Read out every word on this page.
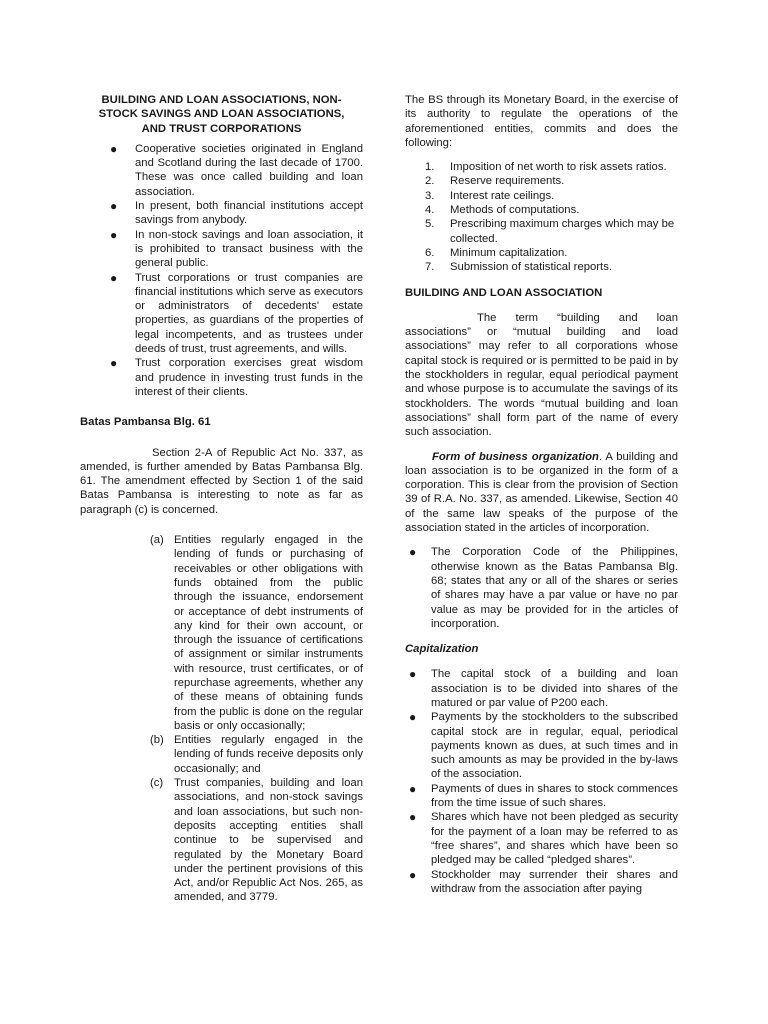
BUILDING AND LOAN ASSOCIATIONS, NON-STOCK SAVINGS AND LOAN ASSOCIATIONS, AND TRUST CORPORATIONS
● Cooperative societies originated in England and Scotland during the last decade of 1700. These was once called building and loan association.
● In present, both financial institutions accept savings from anybody.
● In non-stock savings and loan association, it is prohibited to transact business with the general public.
● Trust corporations or trust companies are financial institutions which serve as executors or administrators of decedents' estate properties, as guardians of the properties of legal incompetents, and as trustees under deeds of trust, trust agreements, and wills.
● Trust corporation exercises great wisdom and prudence in investing trust funds in the interest of their clients.
Batas Pambansa Blg. 61

Section 2-A of Republic Act No. 337, as amended, is further amended by Batas Pambansa Blg. 61. The amendment effected by Section 1 of the said Batas Pambansa is interesting to note as far as paragraph (c) is concerned.

(a) Entities regularly engaged in the lending of funds or purchasing of receivables or other obligations with funds obtained from the public through the issuance, endorsement or acceptance of debt instruments of any kind for their own account, or through the issuance of certifications of assignment or similar instruments with resource, trust certificates, or of repurchase agreements, whether any of these means of obtaining funds from the public is done on the regular basis or only occasionally;
(b) Entities regularly engaged in the lending of funds receive deposits only occasionally; and
(c) Trust companies, building and loan associations, and non-stock savings and loan associations, but such non-deposits accepting entities shall continue to be supervised and regulated by the Monetary Board under the pertinent provisions of this Act, and/or Republic Act Nos. 265, as amended, and 3779.

The BS through its Monetary Board, in the exercise of its authority to regulate the operations of the aforementioned entities, commits and does the following:

1. Imposition of net worth to risk assets ratios.
2. Reserve requirements.
3. Interest rate ceilings.
4. Methods of computations.
5. Prescribing maximum charges which may be collected.
6. Minimum capitalization.
7. Submission of statistical reports.
BUILDING AND LOAN ASSOCIATION

The term “building and loan associations” or “mutual building and load associations” may refer to all corporations whose capital stock is required or is permitted to be paid in by the stockholders in regular, equal periodical payment and whose purpose is to accumulate the savings of its stockholders. The words “mutual building and loan associations” shall form part of the name of every such association.

Form of business organization. A building and loan association is to be organized in the form of a corporation. This is clear from the provision of Section 39 of R.A. No. 337, as amended. Likewise, Section 40 of the same law speaks of the purpose of the association stated in the articles of incorporation.

● The Corporation Code of the Philippines, otherwise known as the Batas Pambansa Blg. 68; states that any or all of the shares or series of shares may have a par value or have no par value as may be provided for in the articles of incorporation.
Capitalization
● The capital stock of a building and loan association is to be divided into shares of the matured or par value of P200 each.
● Payments by the stockholders to the subscribed capital stock are in regular, equal, periodical payments known as dues, at such times and in such amounts as may be provided in the by-laws of the association.
● Payments of dues in shares to stock commences from the time issue of such shares.
● Shares which have not been pledged as security for the payment of a loan may be referred to as “free shares”, and shares which have been so pledged may be called “pledged shares”.
● Stockholder may surrender their shares and withdraw from the association after paying
